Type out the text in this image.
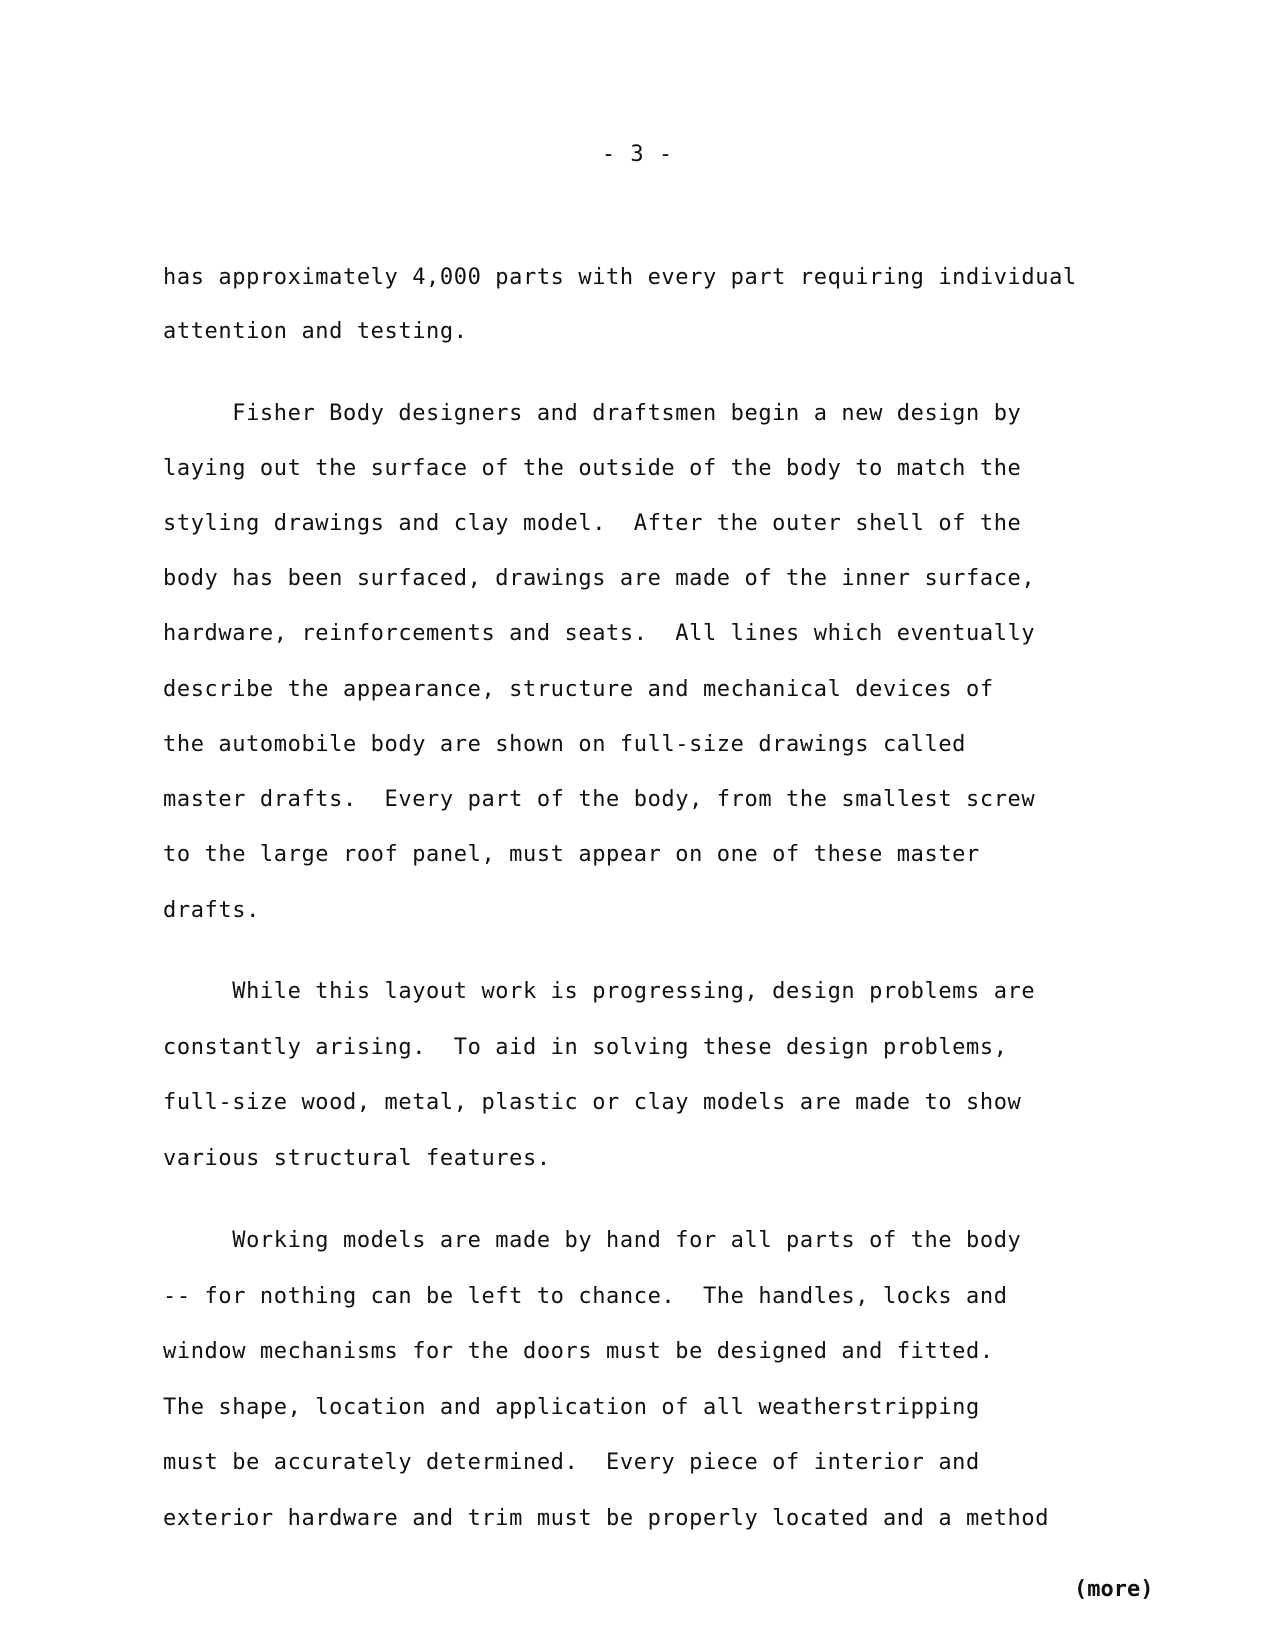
- 3 -
has approximately 4,000 parts with every part requiring individual
attention and testing.
Fisher Body designers and draftsmen begin a new design by
laying out the surface of the outside of the body to match the
styling drawings and clay model.  After the outer shell of the
body has been surfaced, drawings are made of the inner surface,
hardware, reinforcements and seats.  All lines which eventually
describe the appearance, structure and mechanical devices of
the automobile body are shown on full-size drawings called
master drafts.  Every part of the body, from the smallest screw
to the large roof panel, must appear on one of these master
drafts.
While this layout work is progressing, design problems are
constantly arising.  To aid in solving these design problems,
full-size wood, metal, plastic or clay models are made to show
various structural features.
Working models are made by hand for all parts of the body
-- for nothing can be left to chance.  The handles, locks and
window mechanisms for the doors must be designed and fitted.
The shape, location and application of all weatherstripping
must be accurately determined.  Every piece of interior and
exterior hardware and trim must be properly located and a method
(more)
